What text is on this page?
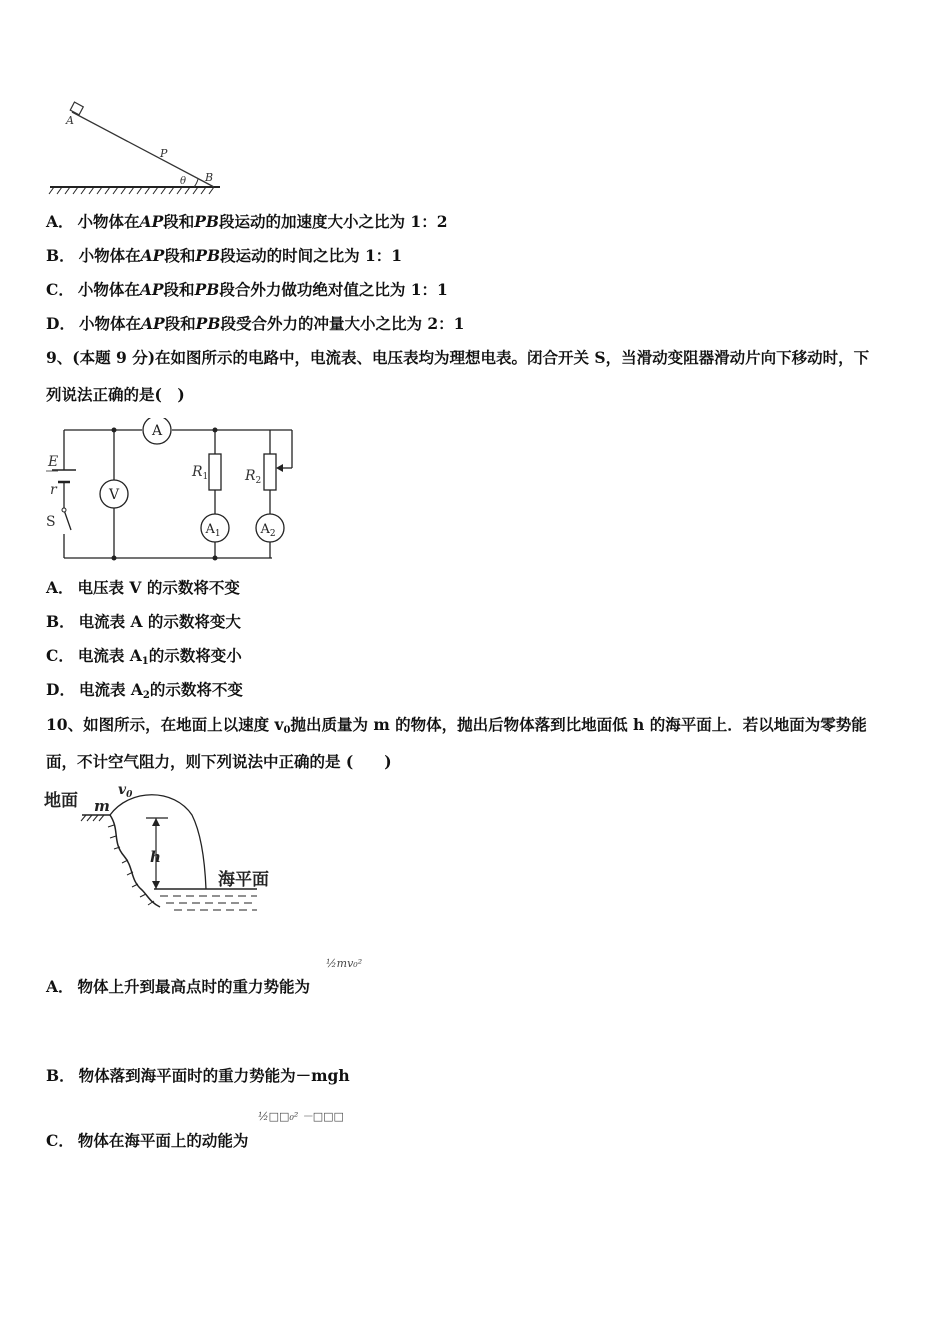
A
P
θ B
A． 小物体在AP段和PB段运动的加速度大小之比为 1：2
B． 小物体在AP段和PB段运动的时间之比为 1：1
C． 小物体在AP段和PB段合外力做功绝对值之比为 1：1
D． 小物体在AP段和PB段受合外力的冲量大小之比为 2：1
9、(本题 9 分)在如图所示的电路中，电流表、电压表均为理想电表。闭合开关 S，当滑动变阻器滑动片向下移动时，下
列说法正确的是(　)
A
V
$A_1$	$A_2$
E
r
S
$R_1$	$R_2$
A． 电压表 V 的示数将不变
B． 电流表 A 的示数将变大
C． 电流表 $A_1$的示数将变小
D． 电流表 $A_2$的示数将不变
10、如图所示，在地面上以速度 $v_0$抛出质量为 m 的物体，抛出后物体落到比地面低 h 的海平面上．若以地面为零势能
面，不计空气阻力，则下列说法中正确的是 (　　)
地面 m
$v_0$
h
海平面
A． 物体上升到最高点时的重力势能为
½mv₀²
B． 物体落到海平面时的重力势能为－mgh
C． 物体在海平面上的动能为
½□□₀² －□□□
